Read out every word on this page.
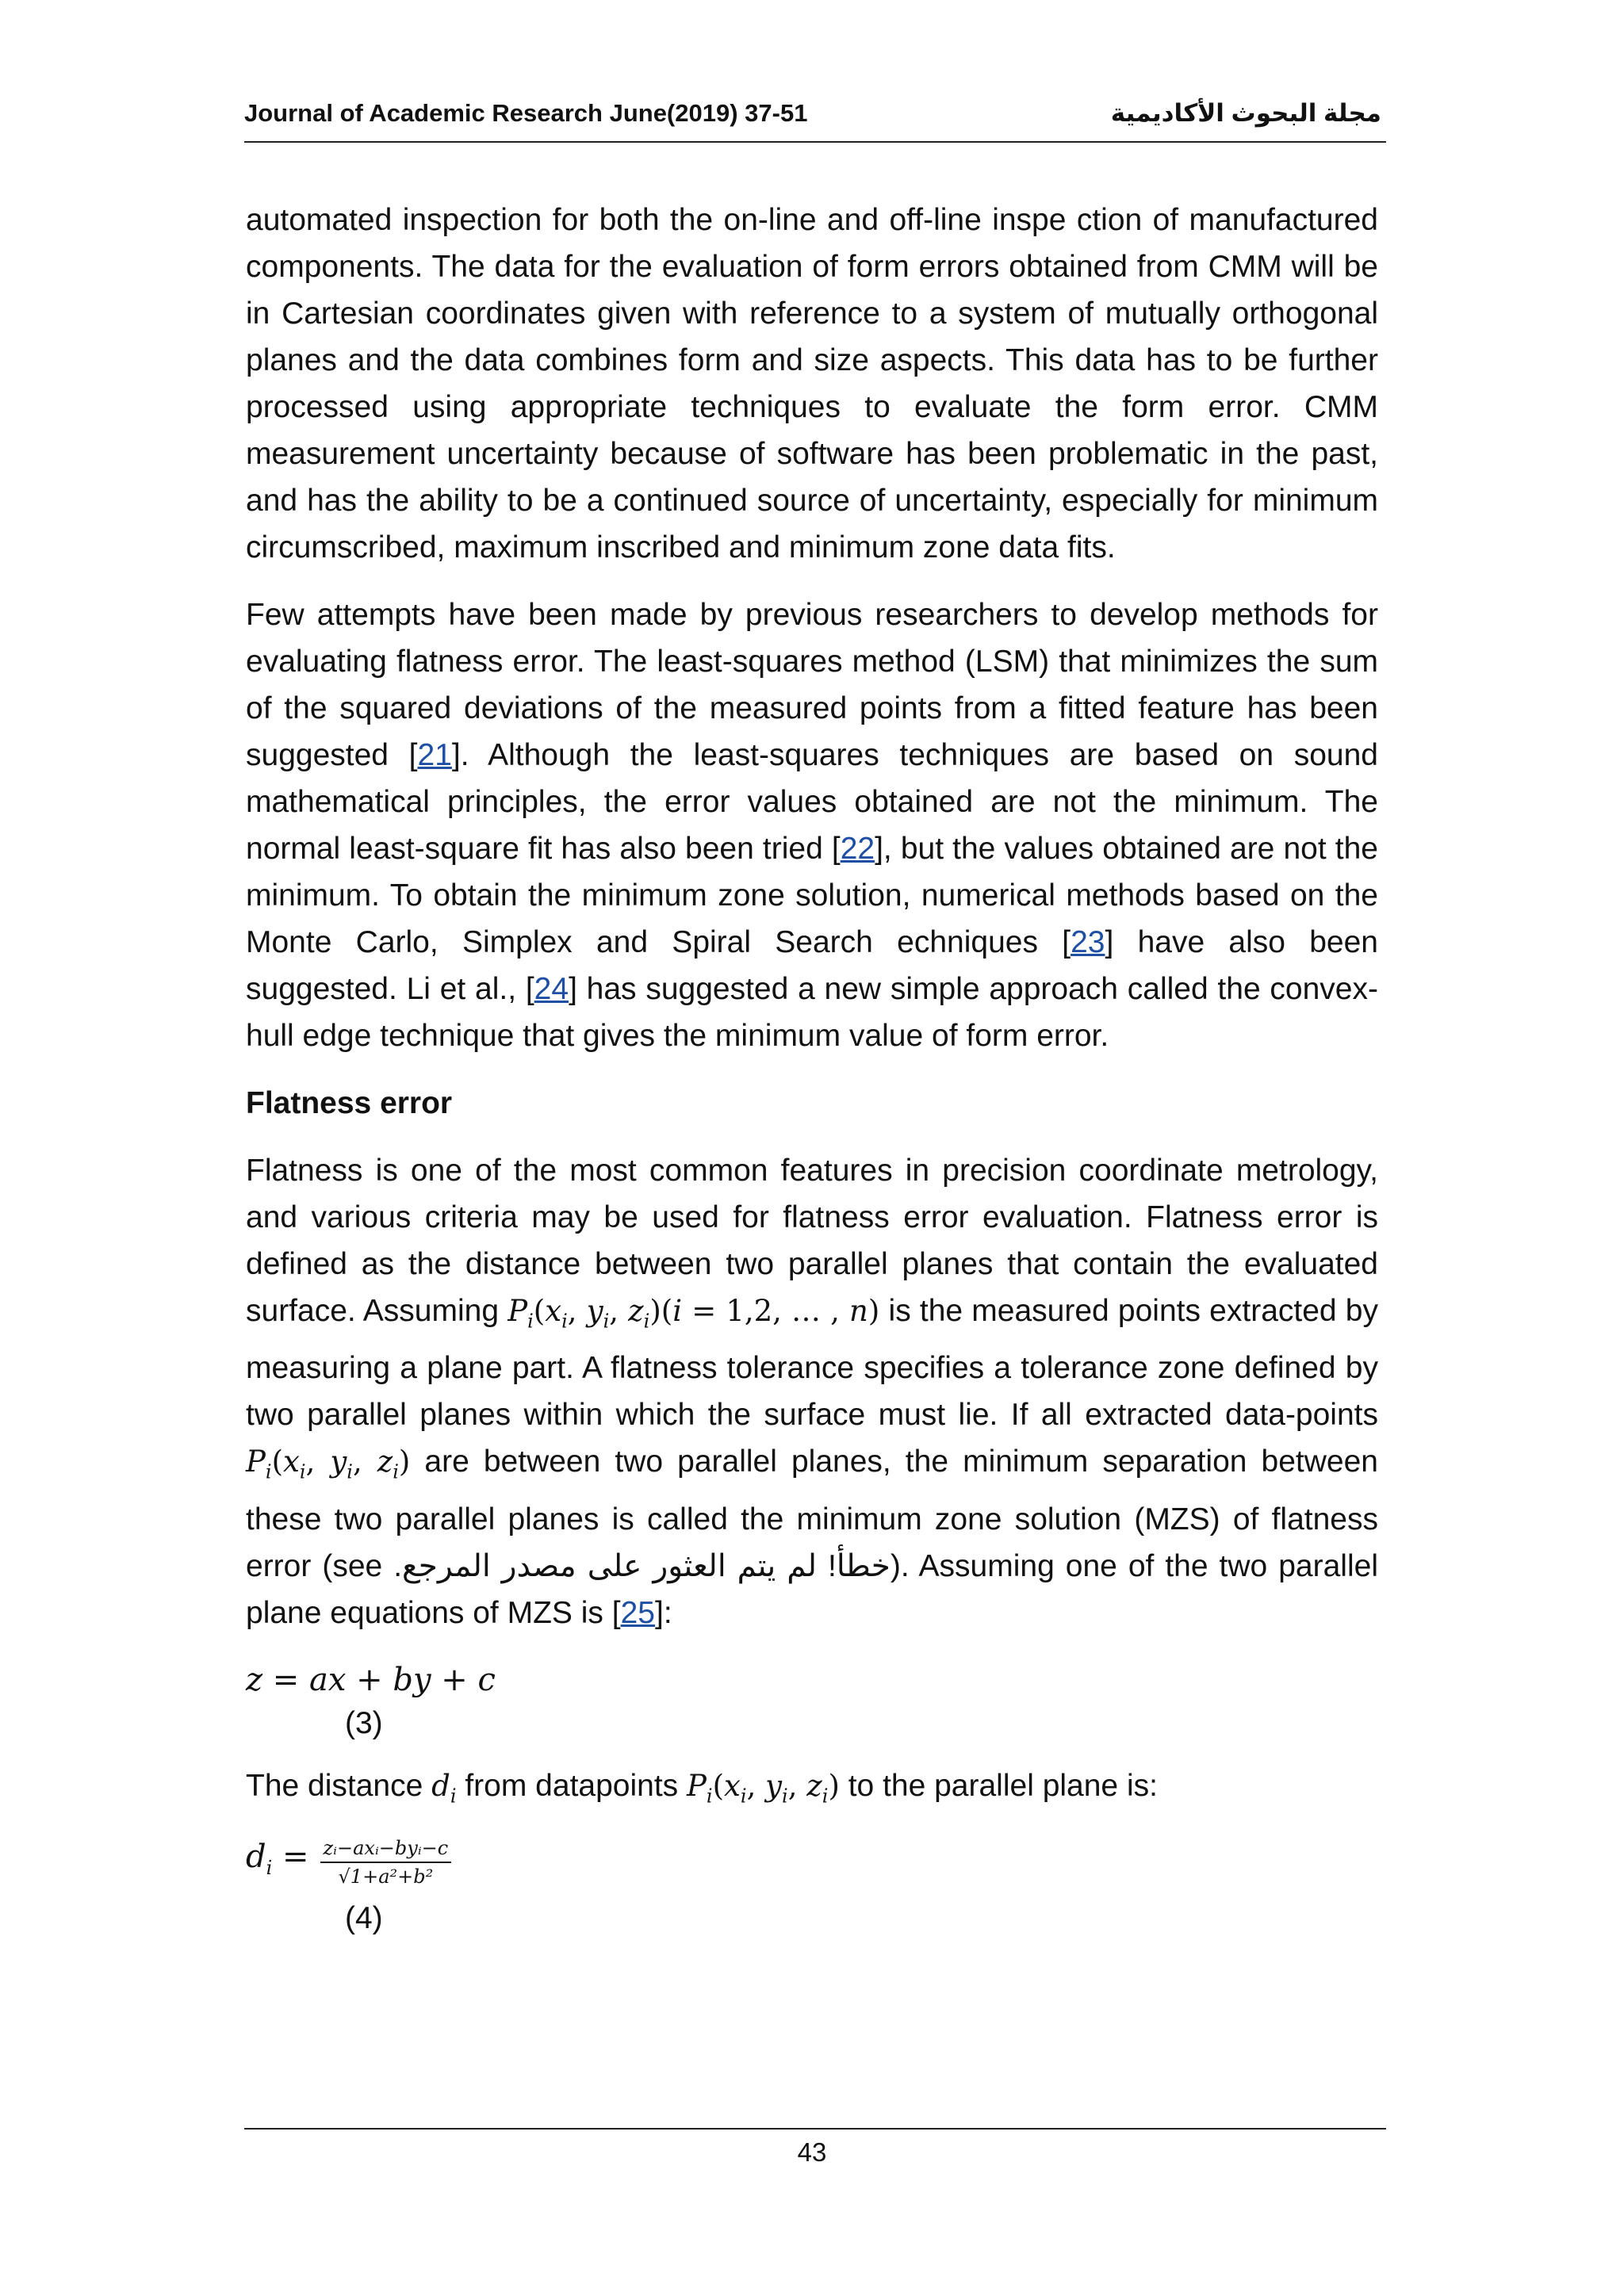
Journal of Academic Research June(2019) 37-51	مجلة البحوث الأكاديمية

automated inspection for both the on-line and off-line inspe ction of manufactured components. The data for the evaluation of form errors obtained from CMM will be in Cartesian coordinates given with reference to a system of mutually orthogonal planes and the data combines form and size aspects. This data has to be further processed using appropriate techniques to evaluate the form error. CMM measurement uncertainty because of software has been problematic in the past, and has the ability to be a continued source of uncertainty, especially for minimum circumscribed, maximum inscribed and minimum zone data fits.

Few attempts have been made by previous researchers to develop methods for evaluating flatness error. The least-squares method (LSM) that minimizes the sum of the squared deviations of the measured points from a fitted feature has been suggested [21]. Although the least-squares techniques are based on sound mathematical principles, the error values obtained are not the minimum. The normal least-square fit has also been tried [22], but the values obtained are not the minimum. To obtain the minimum zone solution, numerical methods based on the Monte Carlo, Simplex and Spiral Search echniques [23] have also been suggested. Li et al., [24] has suggested a new simple approach called the convex-hull edge technique that gives the minimum value of form error.

Flatness error

Flatness is one of the most common features in precision coordinate metrology, and various criteria may be used for flatness error evaluation. Flatness error is defined as the distance between two parallel planes that contain the evaluated surface. Assuming $P_i(x_i$, $y_i$, $z_i)(i = 1,2$, … , n) is the measured points extracted by measuring a plane part. A flatness tolerance specifies a tolerance zone defined by two parallel planes within which the surface must lie. If all extracted data-points $P_i(x_i$, $y_i$, $z_i$) are between two parallel planes, the minimum separation between these two parallel planes is called the minimum zone solution (MZS) of flatness error (see خطأ! لم يتم العثور على مصدر المرجع.). Assuming one of the two parallel plane equations of MZS is [25]:

z = ax + by + c

(3)

The distance $d_i$ from datapoints $P_i(x_i$, $y_i$, $z_i$) to the parallel plane is:

$d_i = \frac{\text{zᵢ−axᵢ−byᵢ−c}}{\text{√1+a²+b²}}$
(4)
43
